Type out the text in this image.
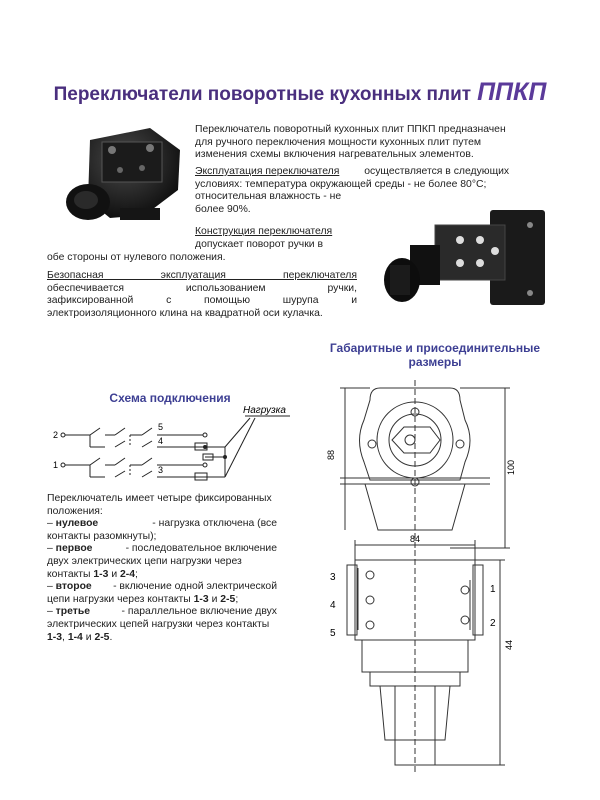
Переключатели поворотные кухонных плит ППКП
Переключатель поворотный кухонных плит ППКП предназначен
для ручного переключения мощности кухонных плит путем
изменения схемы включения нагревательных элементов.
Эксплуатация переключателя осуществляется в следующих
условиях: температура окружающей среды - не более 80°С;
относительная влажность - не
более 90%.
Конструкция переключателя
допускает поворот ручки в
обе стороны от нулевого положения.
Безопасная эксплуатация переключателя
обеспечивается использованием ручки,
зафиксированной с помощью шурупа и
электроизоляционного клина на квадратной оси кулачка.
Габаритные и присоединительные
размеры
Схема подключения
2
1
5
4
3
Нагрузка
Переключатель имеет четыре фиксированных
положения:
– нулевое	- нагрузка отключена (все
контакты разомкнуты);
– первое	- последовательное включение
двух электрических цепи нагрузки через
контакты 1-3 и 2-4;
– второе - включение одной электрической
цепи нагрузки через контакты 1-3 и 2-5;
– третье	- параллельное включение двух
электрических цепей нагрузки через контакты
1-3, 1-4 и 2-5.
88
100
84
44
3
4
5
1
2
